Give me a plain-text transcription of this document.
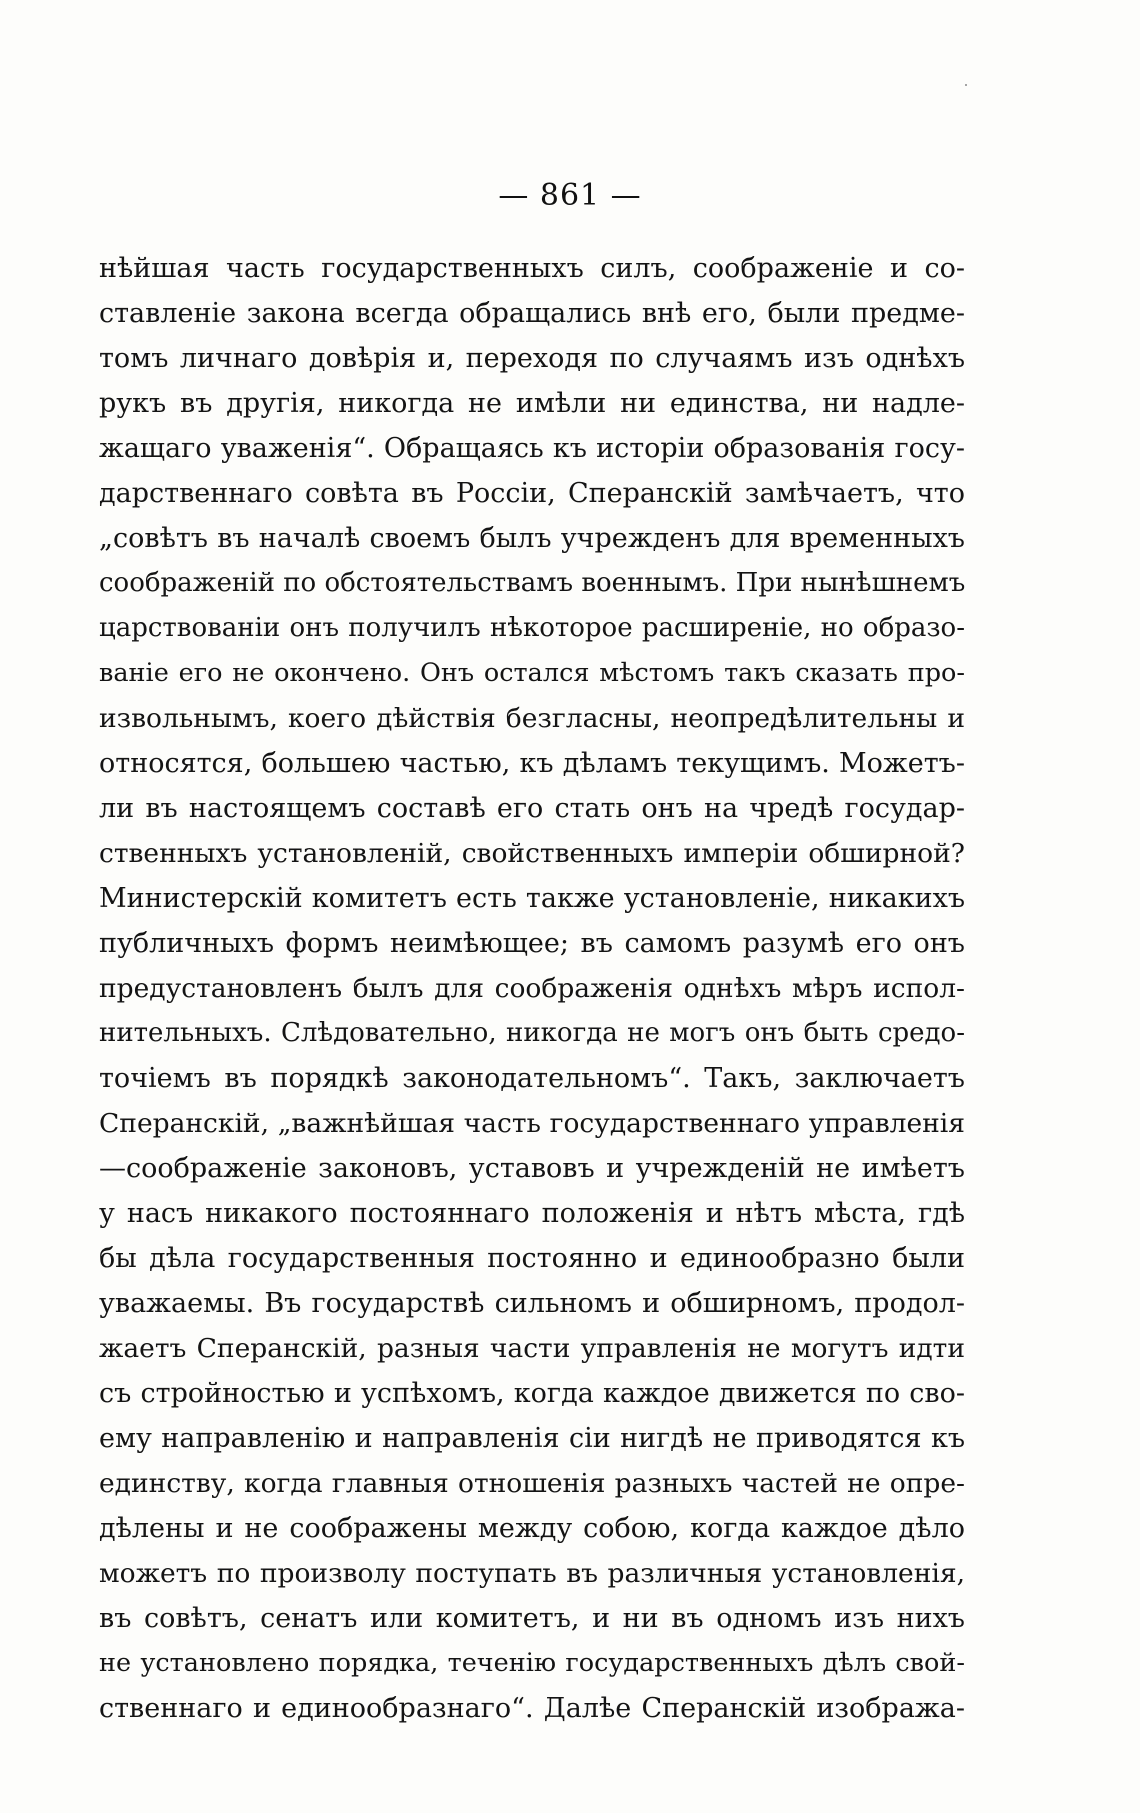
— 861 —
нѣйшая часть государственныхъ силъ, соображеніе и со-
ставленіе закона всегда обращались внѣ его, были предме-
томъ личнаго довѣрія и, переходя по случаямъ изъ однѣхъ
рукъ въ другія, никогда не имѣли ни единства, ни надле-
жащаго уваженія“. Обращаясь къ исторіи образованія госу-
дарственнаго совѣта въ Россіи, Сперанскій замѣчаетъ, что
„совѣтъ въ началѣ своемъ былъ учрежденъ для временныхъ
соображеній по обстоятельствамъ военнымъ. При нынѣшнемъ
царствованіи онъ получилъ нѣкоторое расширеніе, но образо-
ваніе его не окончено. Онъ остался мѣстомъ такъ сказать про-
извольнымъ, коего дѣйствія безгласны, неопредѣлительны и
относятся, большею частью, къ дѣламъ текущимъ. Можетъ-
ли въ настоящемъ составѣ его стать онъ на чредѣ государ-
ственныхъ установленій, свойственныхъ имперіи обширной?
Министерскій комитетъ есть также установленіе, никакихъ
публичныхъ формъ неимѣющее; въ самомъ разумѣ его онъ
предустановленъ былъ для соображенія однѣхъ мѣръ испол-
нительныхъ. Слѣдовательно, никогда не могъ онъ быть средо-
точіемъ въ порядкѣ законодательномъ“. Такъ, заключаетъ
Сперанскій, „важнѣйшая часть государственнаго управленія
—соображеніе законовъ, уставовъ и учрежденій не имѣетъ
у насъ никакого постояннаго положенія и нѣтъ мѣста, гдѣ
бы дѣла государственныя постоянно и единообразно были
уважаемы. Въ государствѣ сильномъ и обширномъ, продол-
жаетъ Сперанскій, разныя части управленія не могутъ идти
съ стройностью и успѣхомъ, когда каждое движется по сво-
ему направленію и направленія сіи нигдѣ не приводятся къ
единству, когда главныя отношенія разныхъ частей не опре-
дѣлены и не соображены между собою, когда каждое дѣло
можетъ по произволу поступать въ различныя установленія,
въ совѣтъ, сенатъ или комитетъ, и ни въ одномъ изъ нихъ
не установлено порядка, теченію государственныхъ дѣлъ свой-
ственнаго и единообразнаго“. Далѣе Сперанскій изобража-
